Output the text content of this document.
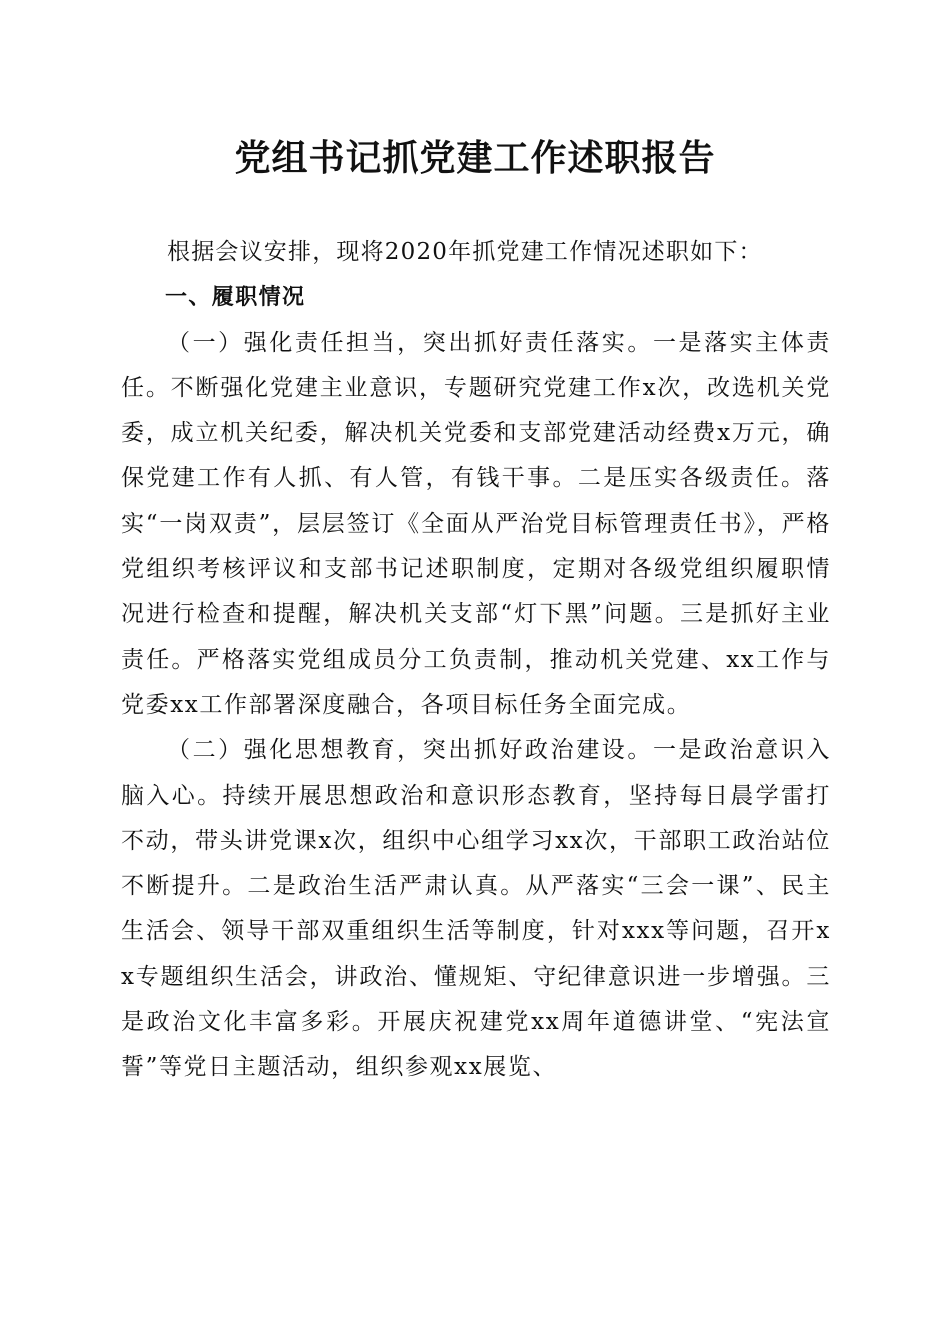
党组书记抓党建工作述职报告

根据会议安排，现将2020年抓党建工作情况述职如下：

一、履职情况

（一）强化责任担当，突出抓好责任落实。一是落实主体责任。不断强化党建主业意识，专题研究党建工作x次，改选机关党委，成立机关纪委，解决机关党委和支部党建活动经费x万元，确保党建工作有人抓、有人管，有钱干事。二是压实各级责任。落实“一岗双责”，层层签订《全面从严治党目标管理责任书》，严格党组织考核评议和支部书记述职制度，定期对各级党组织履职情况进行检查和提醒，解决机关支部“灯下黑”问题。三是抓好主业责任。严格落实党组成员分工负责制，推动机关党建、xx工作与党委xx工作部署深度融合，各项目标任务全面完成。

（二）强化思想教育，突出抓好政治建设。一是政治意识入脑入心。持续开展思想政治和意识形态教育，坚持每日晨学雷打不动，带头讲党课x次，组织中心组学习xx次，干部职工政治站位不断提升。二是政治生活严肃认真。从严落实“三会一课”、民主生活会、领导干部双重组织生活等制度，针对xxx等问题，召开xx专题组织生活会，讲政治、懂规矩、守纪律意识进一步增强。三是政治文化丰富多彩。开展庆祝建党xx周年道德讲堂、“宪法宣誓”等党日主题活动，组织参观xx展览、
